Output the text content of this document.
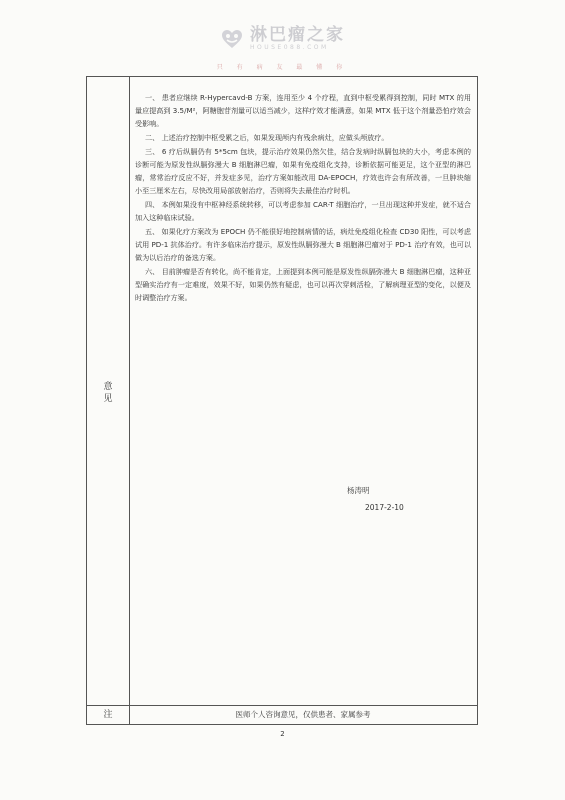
淋巴瘤之家
HOUSE088.COM
只 有 病 友 最 懂 你
意
见
注

一、 患者应继续 R-Hypercavd-B 方案，连用至少 4 个疗程，直到中枢受累得到控制，同时 MTX 的用量应提高到 3.5/M²，阿糖胞苷剂量可以适当减少，这样疗效才能满意，如果 MTX 低于这个剂量恐怕疗效会受影响。

二、 上述治疗控制中枢受累之后，如果发现颅内有残余病灶，应做头颅放疗。

三、 6 疗后纵膈仍有 5*5cm 包块，提示治疗效果仍然欠佳，结合发病时纵膈包块的大小，考虑本例的诊断可能为原发性纵膈弥漫大 B 细胞淋巴瘤，如果有免疫组化支持，诊断依据可能更足，这个亚型的淋巴瘤，常常治疗反应不好，并发症多见，治疗方案如能改用 DA-EPOCH，疗效也许会有所改善，一旦肿块缩小至三厘米左右，尽快改用局部放射治疗，否则将失去最佳治疗时机。

四、 本例如果没有中枢神经系统转移，可以考虑参加 CAR-T 细胞治疗，一旦出现这种并发症，就不适合加入这种临床试验。

五、 如果化疗方案改为 EPOCH 仍不能很好地控制病情的话，病灶免疫组化检查 CD30 阳性，可以考虑试用 PD-1 抗体治疗。有许多临床治疗提示，原发性纵膈弥漫大 B 细胞淋巴瘤对于 PD-1 治疗有效，也可以做为以后治疗的备选方案。

六、 目前肿瘤是否有转化，尚不能肯定，上面提到本例可能是原发性纵膈弥漫大 B 细胞淋巴瘤，这种亚型确实治疗有一定难度，效果不好，如果仍然有疑虑，也可以再次穿刺活检，了解病理亚型的变化，以便及时调整治疗方案。

杨涛明
2017-2-10
医师个人咨询意见，仅供患者、家属参考
2
